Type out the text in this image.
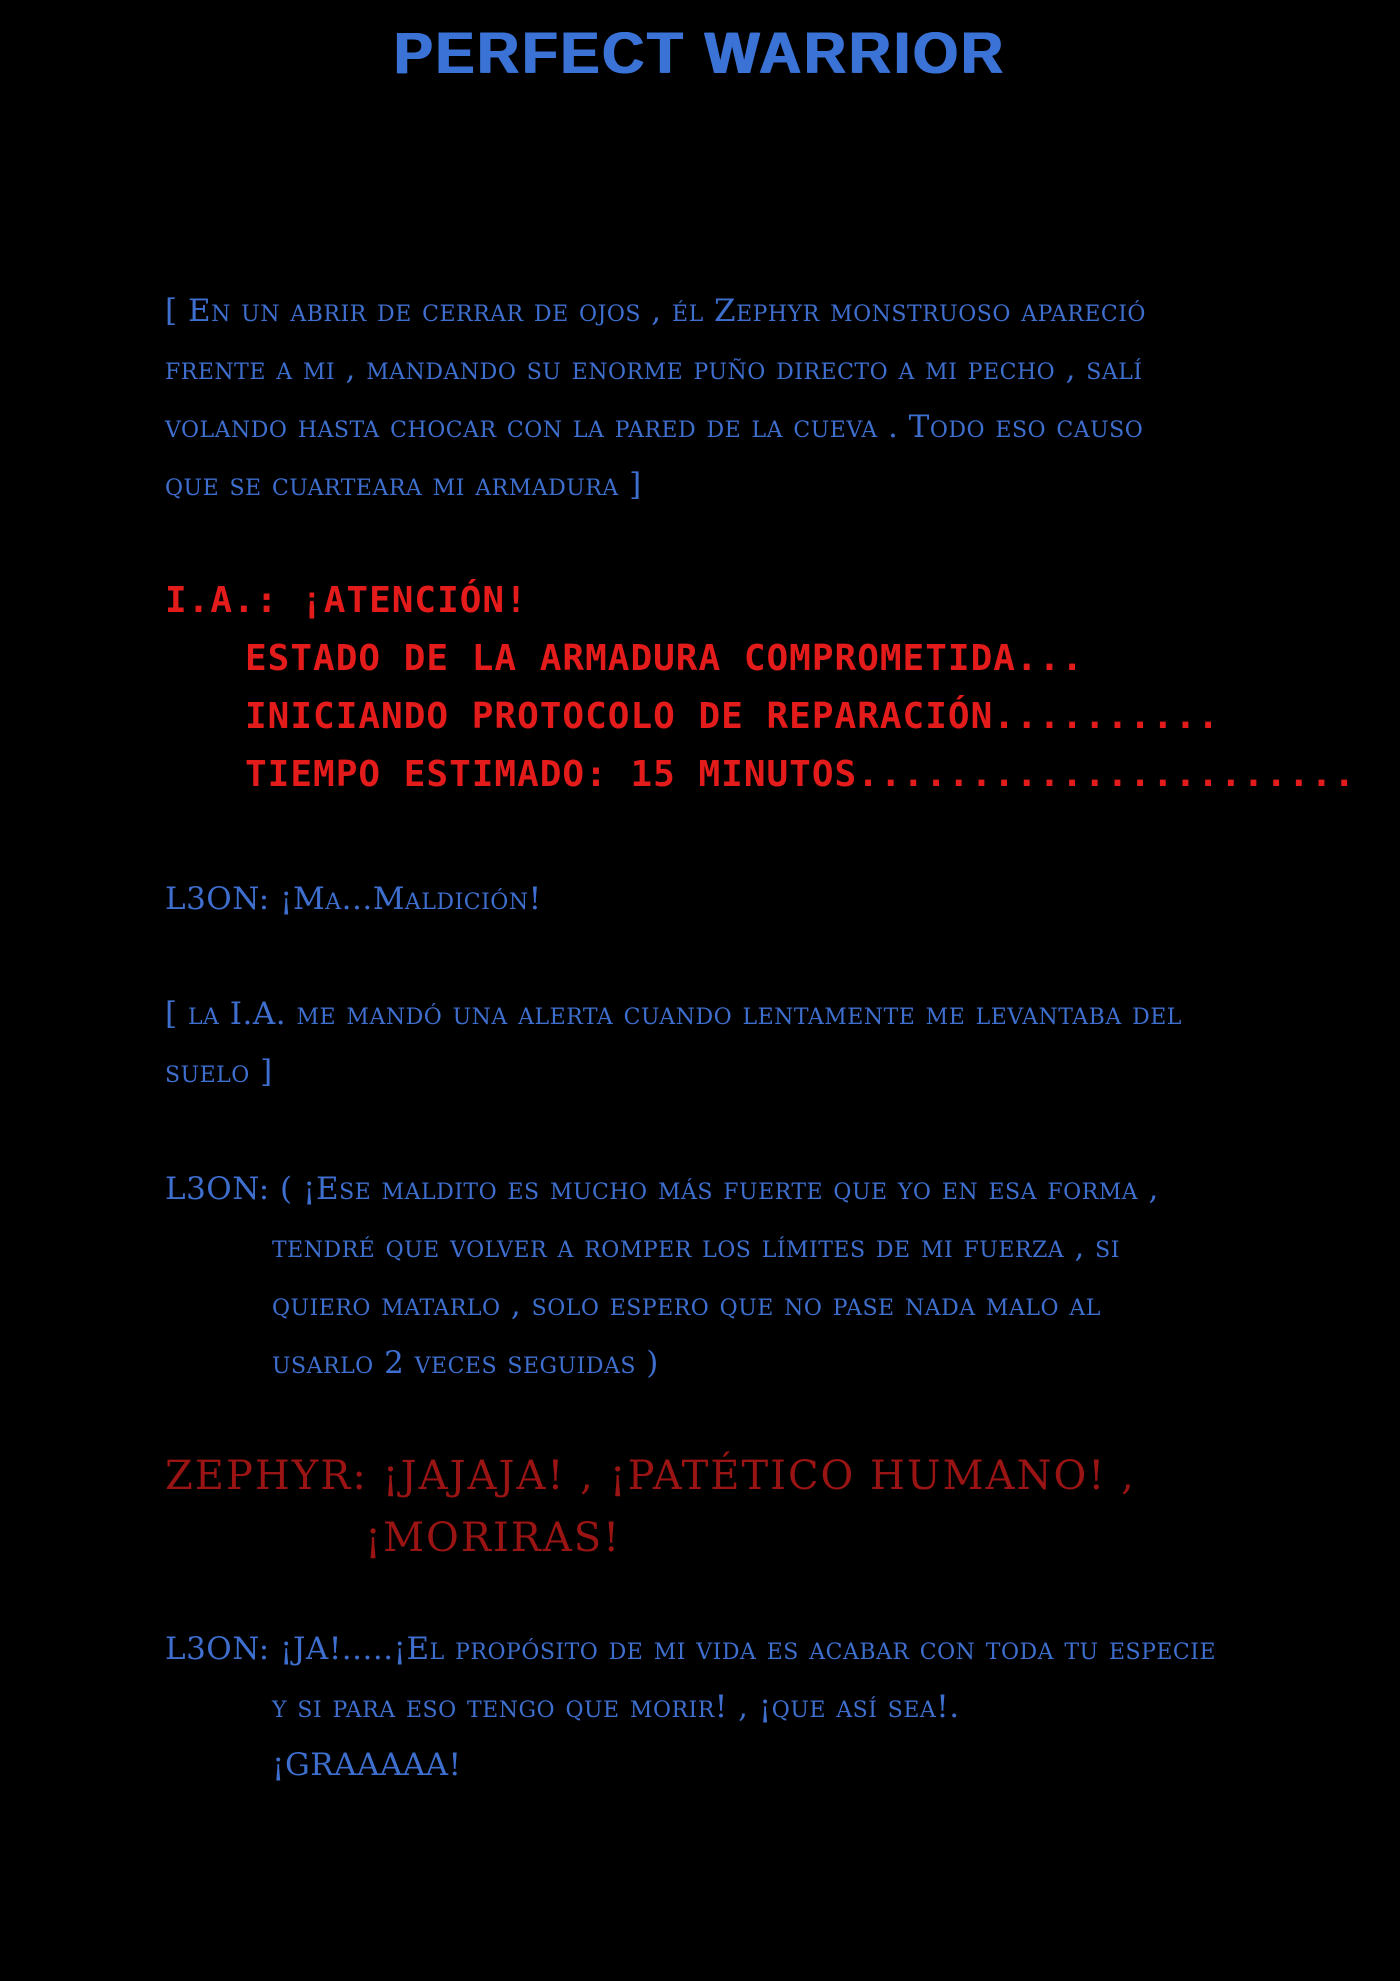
PERFECT WARRIOR
[ En un abrir de cerrar de ojos , él Zephyr monstruoso apareció
frente a mi , mandando su enorme puño directo a mi pecho , salí
volando hasta chocar con la pared de la cueva . Todo eso causo
que se cuarteara mi armadura ]
I.A.: ¡ATENCIÓN!
ESTADO DE LA ARMADURA COMPROMETIDA...
INICIANDO PROTOCOLO DE REPARACIÓN..........
TIEMPO ESTIMADO: 15 MINUTOS......................
L3ON: ¡Ma...Maldición!
[ la I.A. me mandó una alerta cuando lentamente me levantaba del
suelo ]
L3ON: ( ¡Ese maldito es mucho más fuerte que yo en esa forma ,
tendré que volver a romper los límites de mi fuerza , si
quiero matarlo , solo espero que no pase nada malo al
usarlo 2 veces seguidas )
ZEPHYR: ¡JAJAJA! , ¡PATÉTICO HUMANO! ,
¡MORIRAS!
L3ON: ¡JA!.....¡El propósito de mi vida es acabar con toda tu especie
y si para eso tengo que morir! , ¡que así sea!.
¡GRAAAAA!
